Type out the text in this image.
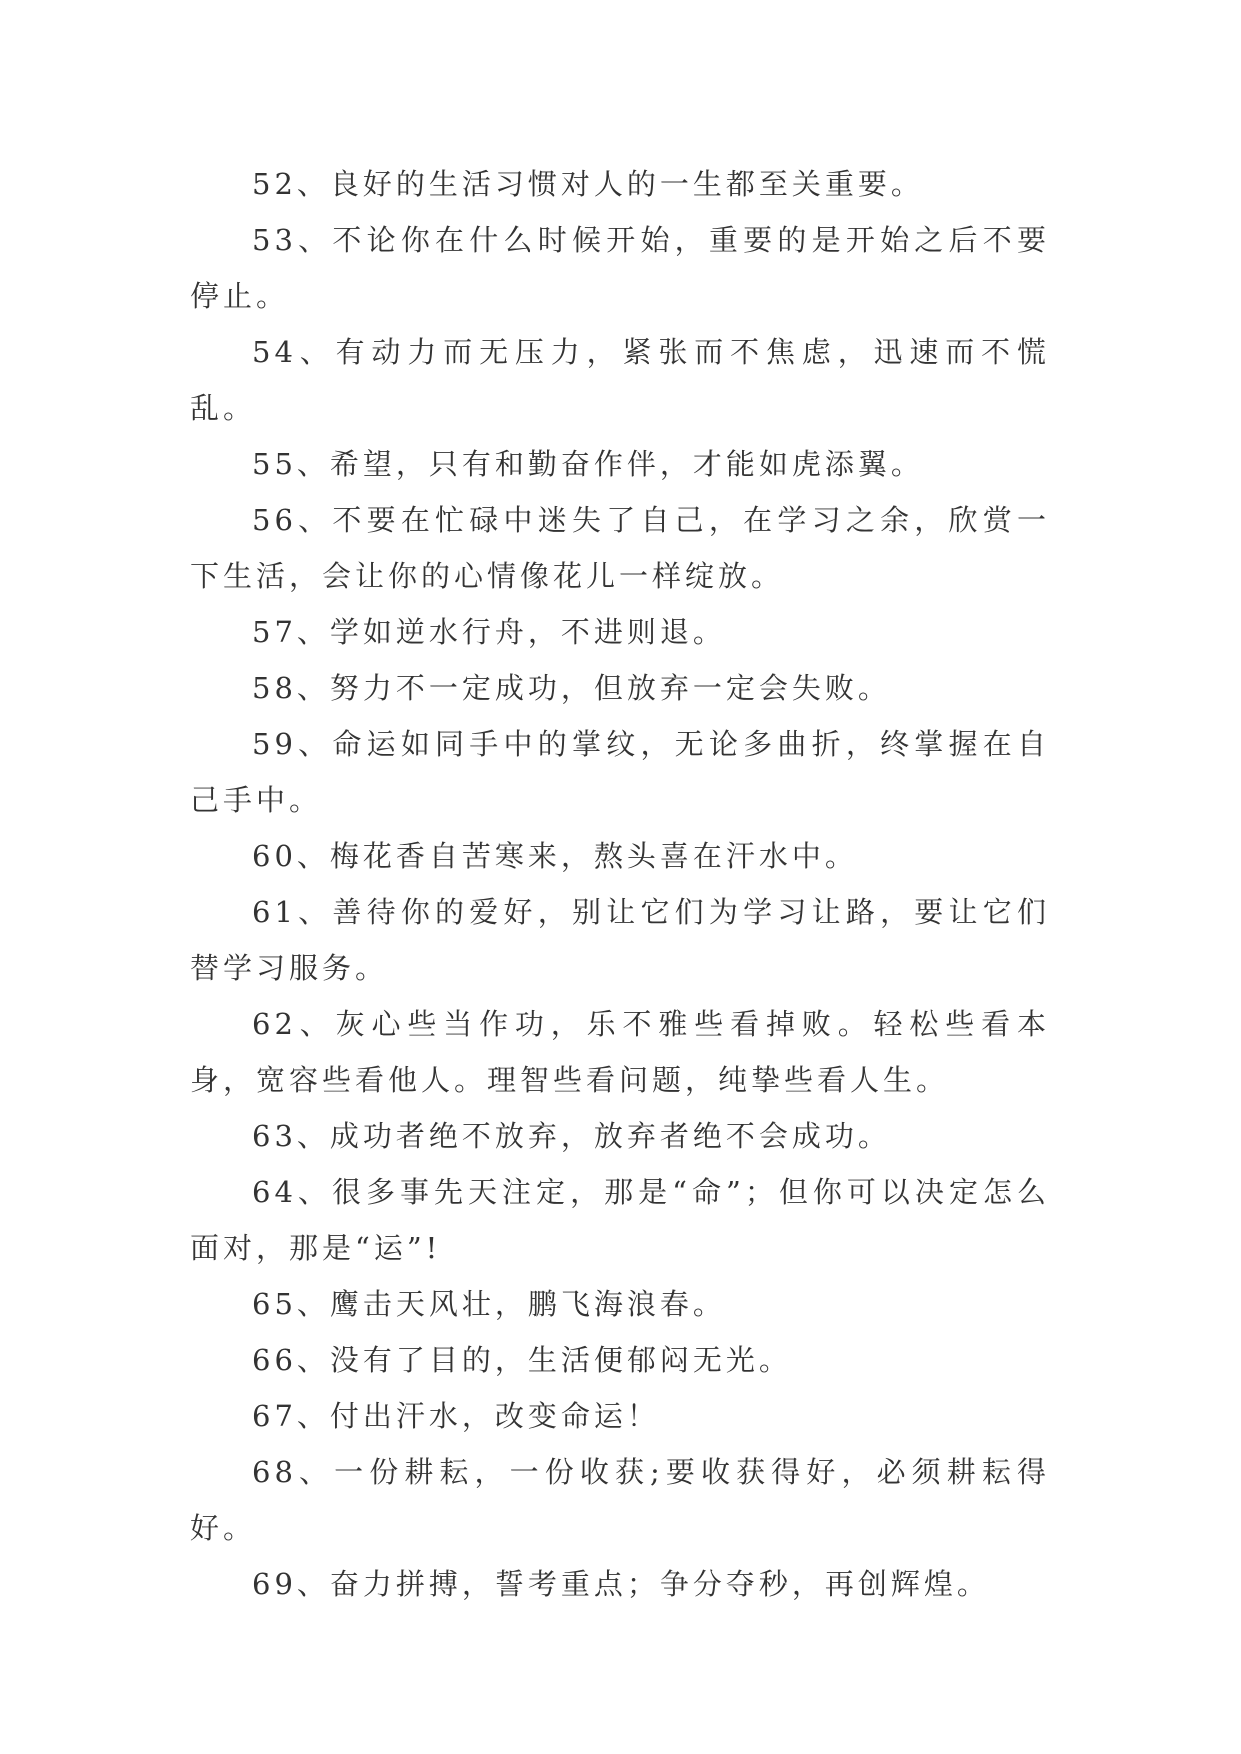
52、良好的生活习惯对人的一生都至关重要。

53、不论你在什么时候开始，重要的是开始之后不要停止。

54、有动力而无压力，紧张而不焦虑，迅速而不慌乱。

55、希望，只有和勤奋作伴，才能如虎添翼。

56、不要在忙碌中迷失了自己，在学习之余，欣赏一下生活，会让你的心情像花儿一样绽放。

57、学如逆水行舟，不进则退。

58、努力不一定成功，但放弃一定会失败。

59、命运如同手中的掌纹，无论多曲折，终掌握在自己手中。

60、梅花香自苦寒来，熬头喜在汗水中。

61、善待你的爱好，别让它们为学习让路，要让它们替学习服务。

62、灰心些当作功，乐不雅些看掉败。轻松些看本身，宽容些看他人。理智些看问题，纯挚些看人生。

63、成功者绝不放弃，放弃者绝不会成功。

64、很多事先天注定，那是“命”；但你可以决定怎么面对，那是“运”!

65、鹰击天风壮，鹏飞海浪春。

66、没有了目的，生活便郁闷无光。

67、付出汗水，改变命运！

68、一份耕耘，一份收获;要收获得好，必须耕耘得好。

69、奋力拼搏，誓考重点；争分夺秒，再创辉煌。
